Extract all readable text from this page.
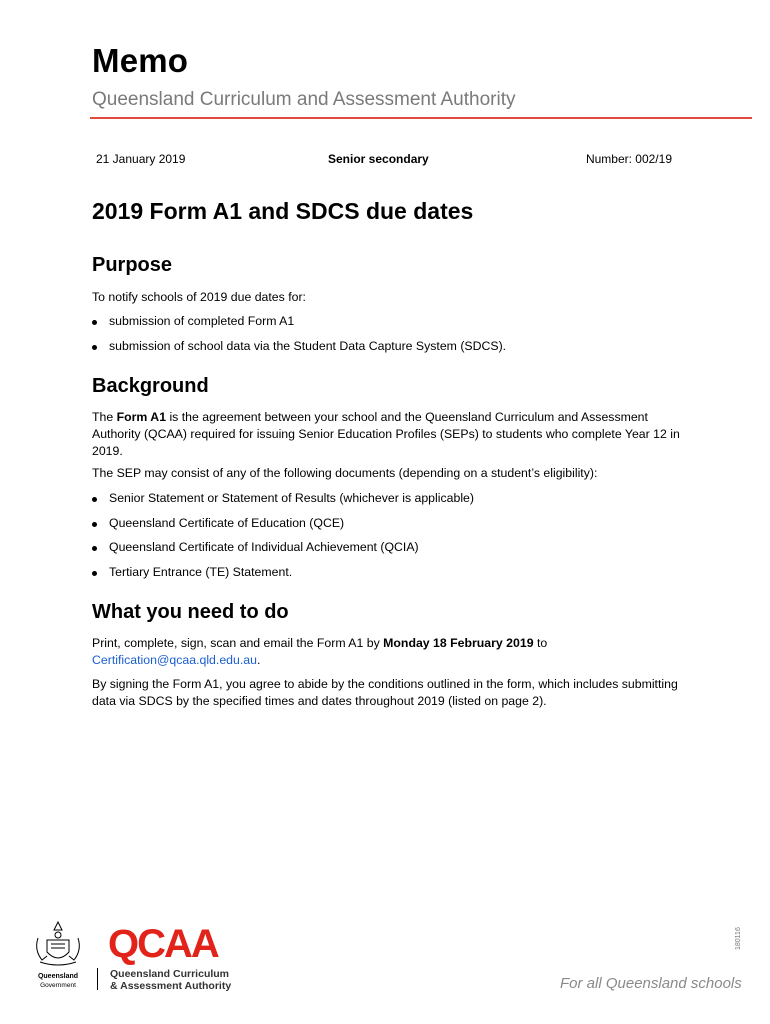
Memo
Queensland Curriculum and Assessment Authority
21 January 2019	Senior secondary	Number: 002/19
2019 Form A1 and SDCS due dates
Purpose

To notify schools of 2019 due dates for:

submission of completed Form A1
submission of school data via the Student Data Capture System (SDCS).
Background

The Form A1 is the agreement between your school and the Queensland Curriculum and Assessment Authority (QCAA) required for issuing Senior Education Profiles (SEPs) to students who complete Year 12 in 2019.

The SEP may consist of any of the following documents (depending on a student’s eligibility):

Senior Statement or Statement of Results (whichever is applicable)
Queensland Certificate of Education (QCE)
Queensland Certificate of Individual Achievement (QCIA)
Tertiary Entrance (TE) Statement.
What you need to do

Print, complete, sign, scan and email the Form A1 by Monday 18 February 2019 to
Certification@qcaa.qld.edu.au.

By signing the Form A1, you agree to abide by the conditions outlined in the form, which includes submitting data via SDCS by the specified times and dates throughout 2019 (listed on page 2).

Queensland
Government
QCAA
Queensland Curriculum
& Assessment Authority	For all Queensland schools
180116
